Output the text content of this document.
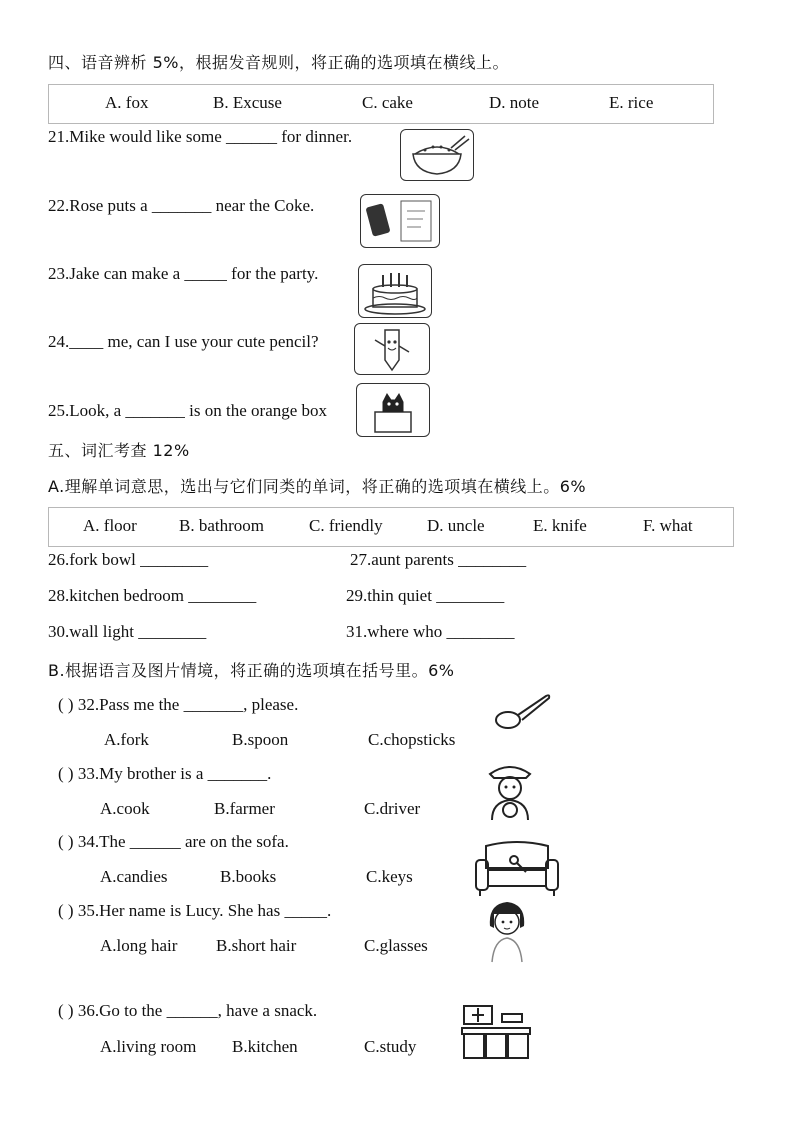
四、语音辨析 5%，根据发音规则，将正确的选项填在横线上。
A. fox	B. Excuse	C. cake	D. note	E. rice
21.Mike would like some ______ for dinner.
22.Rose puts a _______ near the Coke.
23.Jake can make a _____ for the party.
24.____ me, can I use your cute pencil?
25.Look, a _______ is on the orange box
五、词汇考查 12%
A.理解单词意思，选出与它们同类的单词，将正确的选项填在横线上。6%
A. floor B. bathroom	C. friendly	D. uncle	E. knife	F. what
26.fork bowl ________	27.aunt parents ________
28.kitchen bedroom ________	29.thin quiet ________
30.wall light ________	31.where who ________
B.根据语言及图片情境，将正确的选项填在括号里。6%
( ) 32.Pass me the _______, please.
A.fork	B.spoon	C.chopsticks
( ) 33.My brother is a _______.
A.cook	B.farmer	C.driver
( ) 34.The ______ are on the sofa.
A.candies	B.books	C.keys
( ) 35.Her name is Lucy. She has _____.
A.long hair B.short hair	C.glasses
( ) 36.Go to the ______, have a snack.
A.living room B.kitchen	C.study
